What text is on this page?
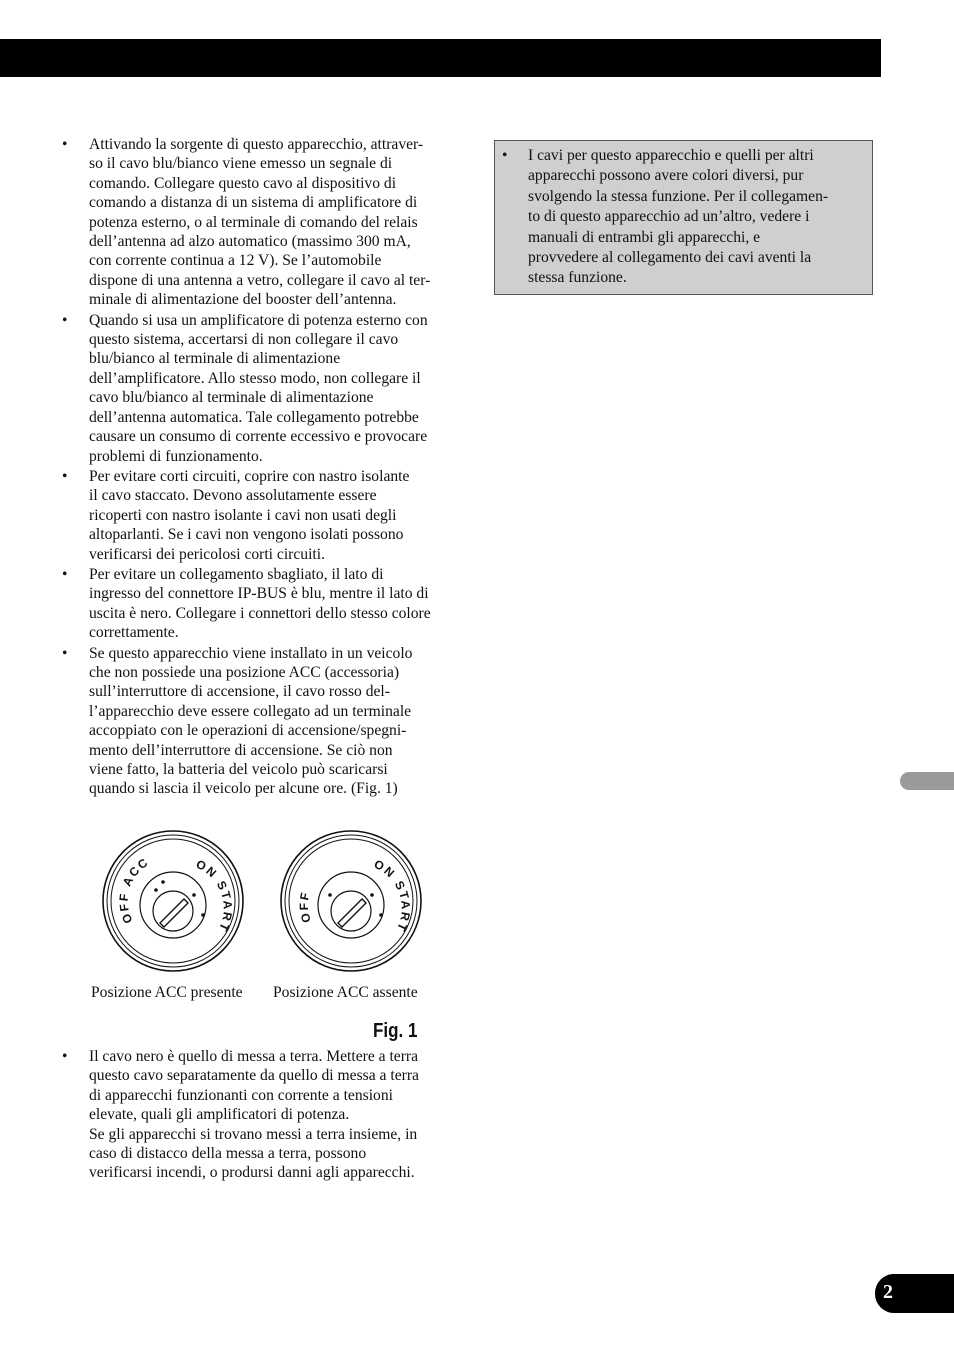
• Attivando la sorgente di questo apparecchio, attraver-

so il cavo blu/bianco viene emesso un segnale di

comando. Collegare questo cavo al dispositivo di

comando a distanza di un sistema di amplificatore di

potenza esterno, o al terminale di comando del relais

dell’antenna ad alzo automatico (massimo 300 mA,

con corrente continua a 12 V). Se l’automobile

dispone di una antenna a vetro, collegare il cavo al ter-

minale di alimentazione del booster dell’antenna.

• Quando si usa un amplificatore di potenza esterno con

questo sistema, accertarsi di non collegare il cavo

blu/bianco al terminale di alimentazione

dell’amplificatore. Allo stesso modo, non collegare il

cavo blu/bianco al terminale di alimentazione

dell’antenna automatica. Tale collegamento potrebbe

causare un consumo di corrente eccessivo e provocare

problemi di funzionamento.

• Per evitare corti circuiti, coprire con nastro isolante

il cavo staccato. Devono assolutamente essere

ricoperti con nastro isolante i cavi non usati degli

altoparlanti. Se i cavi non vengono isolati possono

verificarsi dei pericolosi corti circuiti.

• Per evitare un collegamento sbagliato, il lato di

ingresso del connettore IP-BUS è blu, mentre il lato di

uscita è nero. Collegare i connettori dello stesso colore

correttamente.

• Se questo apparecchio viene installato in un veicolo

che non possiede una posizione ACC (accessoria)

sull’interruttore di accensione, il cavo rosso del-

l’apparecchio deve essere collegato ad un terminale

accoppiato con le operazioni di accensione/spegni-

mento dell’interruttore di accensione. Se ciò non

viene fatto, la batteria del veicolo può scaricarsi

quando si lascia il veicolo per alcune ore. (Fig. 1)

OFF ACC	ON START
Posizione ACC presente
OFF
ON START
Posizione ACC assente
Fig. 1
• Il cavo nero è quello di messa a terra. Mettere a terra

questo cavo separatamente da quello di messa a terra

di apparecchi funzionanti con corrente a tensioni

elevate, quali gli amplificatori di potenza.

Se gli apparecchi si trovano messi a terra insieme, in

caso di distacco della messa a terra, possono

verificarsi incendi, o prodursi danni agli apparecchi.

• I cavi per questo apparecchio e quelli per altri

apparecchi possono avere colori diversi, pur

svolgendo la stessa funzione. Per il collegamen-

to di questo apparecchio ad un’altro, vedere i

manuali di entrambi gli apparecchi, e

provvedere al collegamento dei cavi aventi la

stessa funzione.

2
